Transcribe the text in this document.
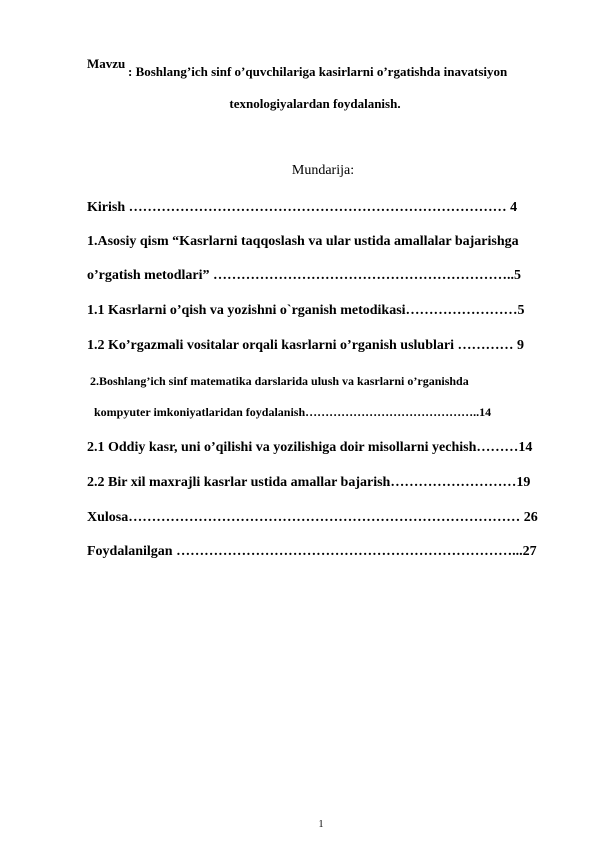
Mavzu
: Boshlang’ich sinf o’quvchilariga kasirlarni o’rgatishda inavatsiyon
texnologiyalardan foydalanish.
Mundarija:
Kirish ……………………………………………………………………… 4
1.Asosiy qism “Kasrlarni taqqoslash va ular ustida amallalar bajarishga
o’rgatish metodlari” ………………………………………………………..5
1.1 Kasrlarni o’qish va yozishni o`rganish metodikasi……………………5
1.2 Ko’rgazmali vositalar orqali kasrlarni o’rganish uslublari ………… 9
2.Boshlang’ich sinf matematika darslarida ulush va kasrlarni o’rganishda
kompyuter imkoniyatlaridan foydalanish……………………………………..14
2.1 Oddiy kasr, uni o’qilishi va yozilishiga doir misollarni yechish………14
2.2 Bir xil maxrajli kasrlar ustida amallar bajarish………………………19
Xulosa………………………………………………………………………… 26
Foydalanilgan ………………………………………………………………...27
1
